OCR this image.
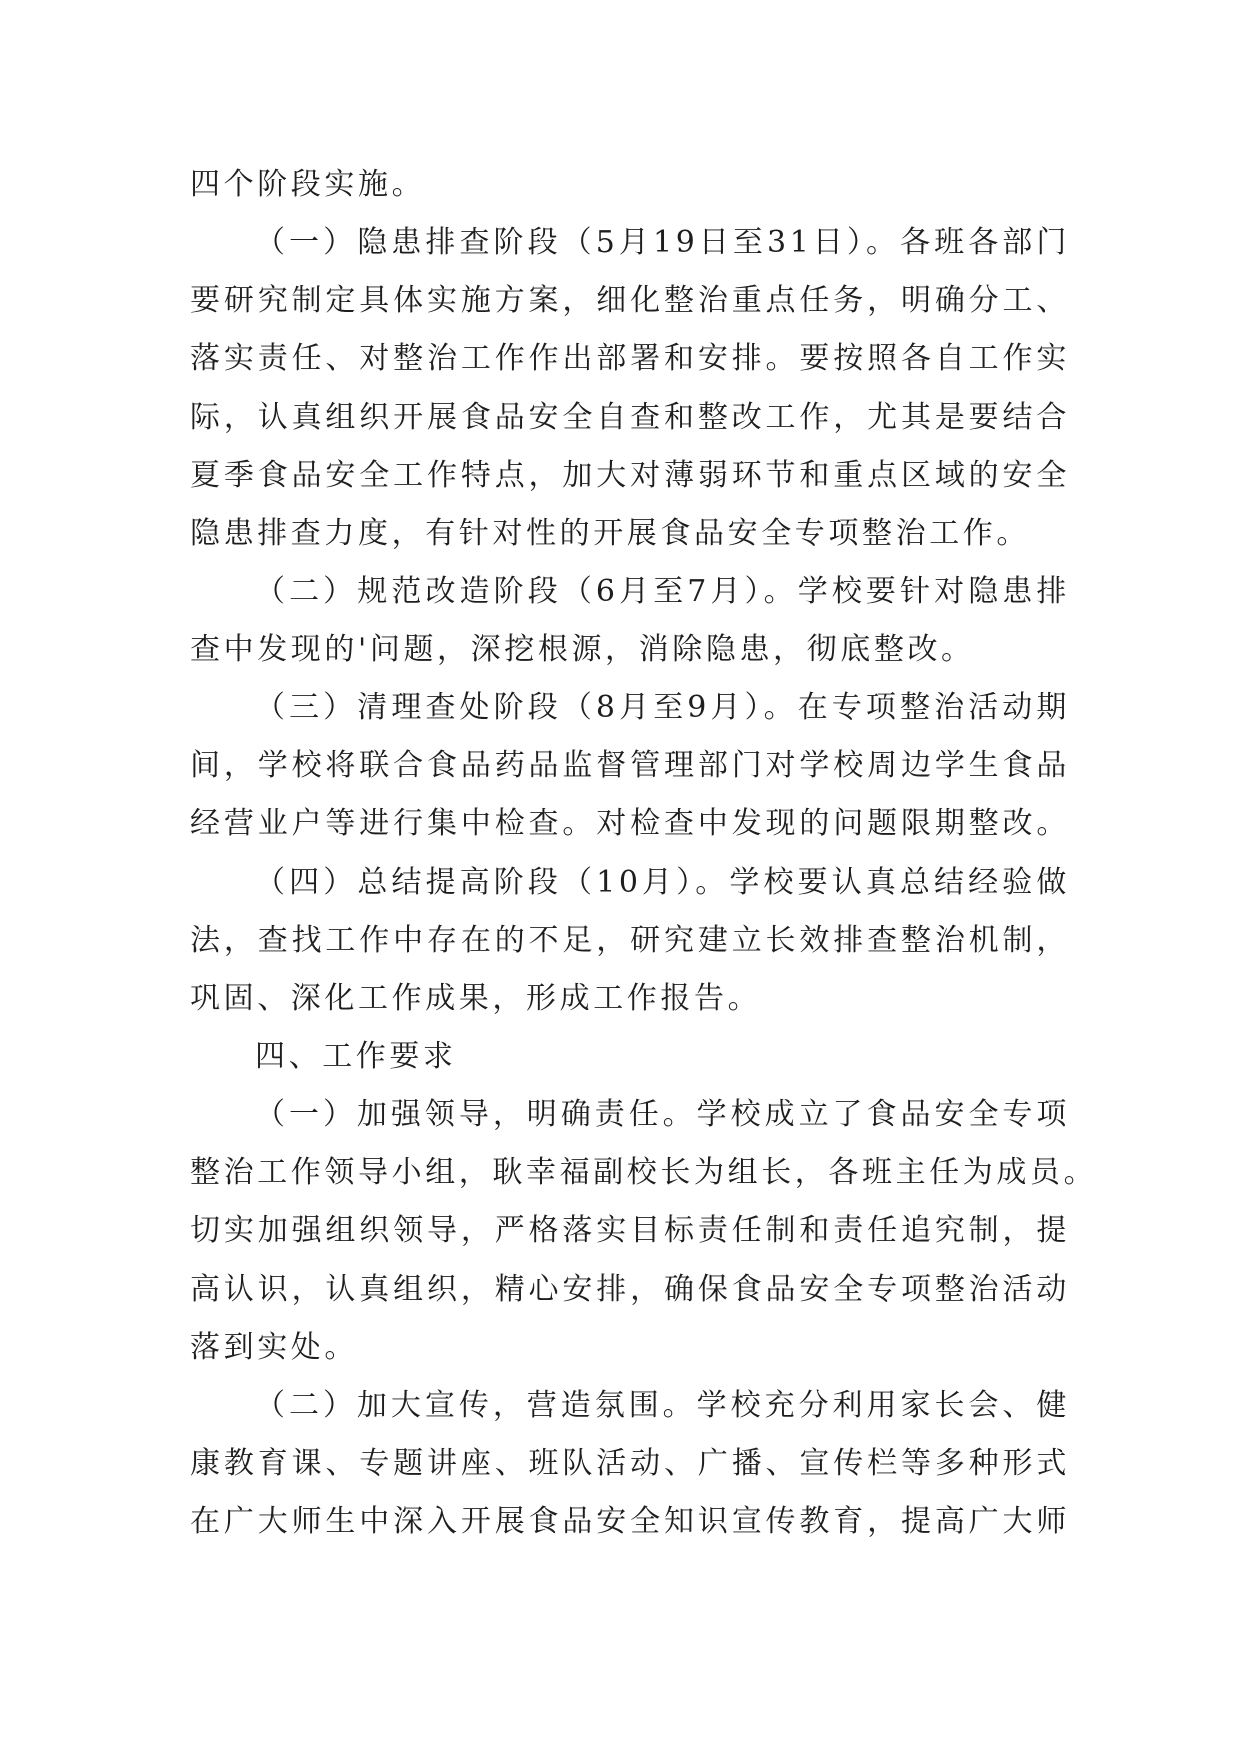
四个阶段实施。
（一）隐患排查阶段（5月19日至31日）。各班各部门
要研究制定具体实施方案，细化整治重点任务，明确分工、
落实责任、对整治工作作出部署和安排。要按照各自工作实
际，认真组织开展食品安全自查和整改工作，尤其是要结合
夏季食品安全工作特点，加大对薄弱环节和重点区域的安全
隐患排查力度，有针对性的开展食品安全专项整治工作。
（二）规范改造阶段（6月至7月）。学校要针对隐患排
查中发现的'问题，深挖根源，消除隐患，彻底整改。
（三）清理查处阶段（8月至9月）。在专项整治活动期
间，学校将联合食品药品监督管理部门对学校周边学生食品
经营业户等进行集中检查。对检查中发现的问题限期整改。
（四）总结提高阶段（10月）。学校要认真总结经验做
法，查找工作中存在的不足，研究建立长效排查整治机制，
巩固、深化工作成果，形成工作报告。
四、工作要求
（一）加强领导，明确责任。学校成立了食品安全专项
整治工作领导小组，耿幸福副校长为组长，各班主任为成员。
切实加强组织领导，严格落实目标责任制和责任追究制，提
高认识，认真组织，精心安排，确保食品安全专项整治活动
落到实处。
（二）加大宣传，营造氛围。学校充分利用家长会、健
康教育课、专题讲座、班队活动、广播、宣传栏等多种形式
在广大师生中深入开展食品安全知识宣传教育，提高广大师
